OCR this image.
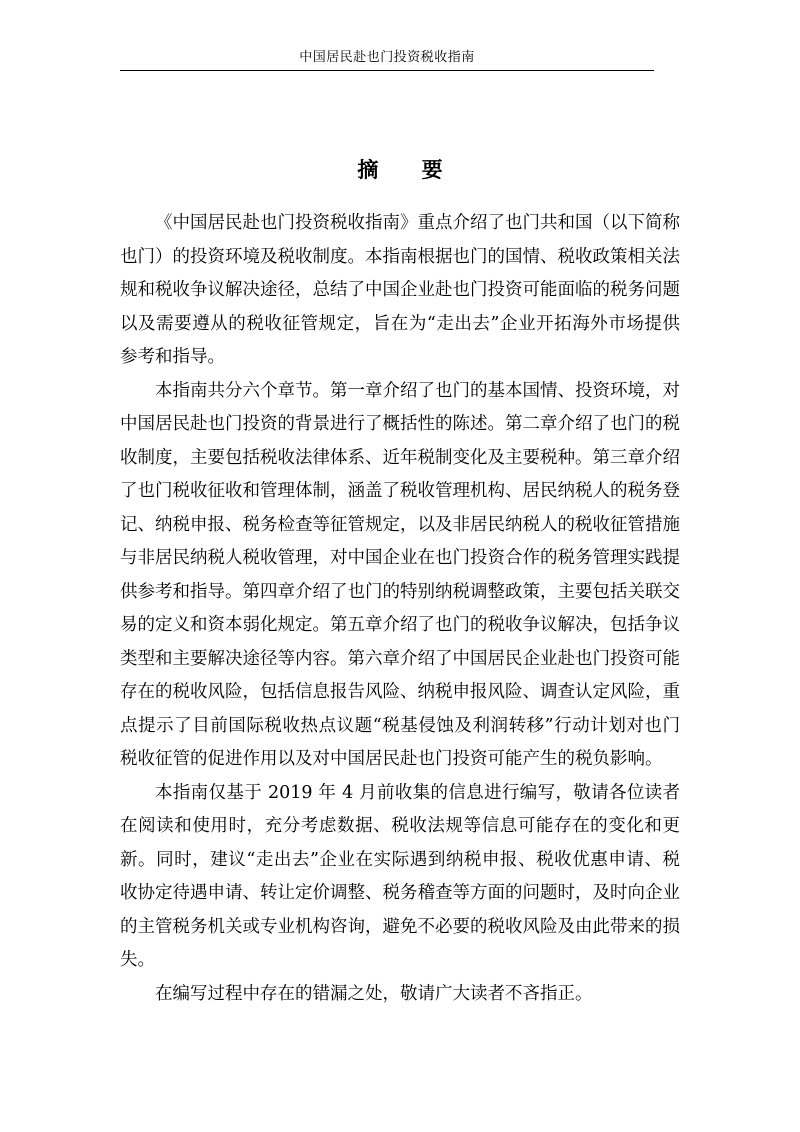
中国居民赴也门投资税收指南
摘 要

《中国居民赴也门投资税收指南》重点介绍了也门共和国（以下简称也门）的投资环境及税收制度。本指南根据也门的国情、税收政策相关法规和税收争议解决途径，总结了中国企业赴也门投资可能面临的税务问题以及需要遵从的税收征管规定，旨在为“走出去”企业开拓海外市场提供参考和指导。

本指南共分六个章节。第一章介绍了也门的基本国情、投资环境，对中国居民赴也门投资的背景进行了概括性的陈述。第二章介绍了也门的税收制度，主要包括税收法律体系、近年税制变化及主要税种。第三章介绍了也门税收征收和管理体制，涵盖了税收管理机构、居民纳税人的税务登记、纳税申报、税务检查等征管规定，以及非居民纳税人的税收征管措施与非居民纳税人税收管理，对中国企业在也门投资合作的税务管理实践提供参考和指导。第四章介绍了也门的特别纳税调整政策，主要包括关联交易的定义和资本弱化规定。第五章介绍了也门的税收争议解决，包括争议类型和主要解决途径等内容。第六章介绍了中国居民企业赴也门投资可能存在的税收风险，包括信息报告风险、纳税申报风险、调查认定风险，重点提示了目前国际税收热点议题“税基侵蚀及利润转移”行动计划对也门税收征管的促进作用以及对中国居民赴也门投资可能产生的税负影响。

本指南仅基于 2019 年 4 月前收集的信息进行编写，敬请各位读者在阅读和使用时，充分考虑数据、税收法规等信息可能存在的变化和更新。同时，建议“走出去”企业在实际遇到纳税申报、税收优惠申请、税收协定待遇申请、转让定价调整、税务稽查等方面的问题时，及时向企业的主管税务机关或专业机构咨询，避免不必要的税收风险及由此带来的损失。

在编写过程中存在的错漏之处，敬请广大读者不吝指正。
